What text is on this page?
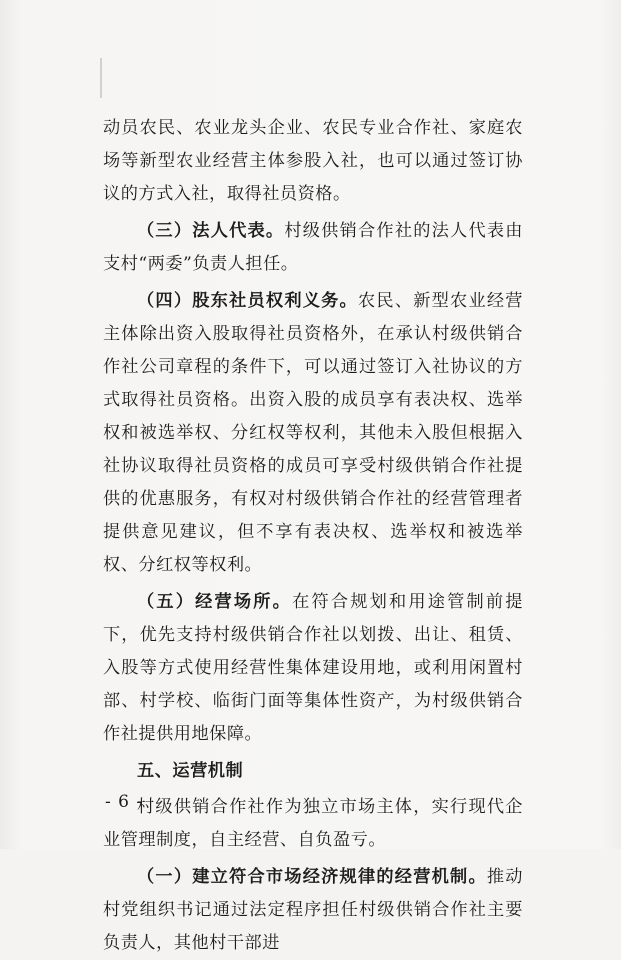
动员农民、农业龙头企业、农民专业合作社、家庭农场等新型农业经营主体参股入社，也可以通过签订协议的方式入社，取得社员资格。

（三）法人代表。村级供销合作社的法人代表由支村“两委”负责人担任。

（四）股东社员权利义务。农民、新型农业经营主体除出资入股取得社员资格外，在承认村级供销合作社公司章程的条件下，可以通过签订入社协议的方式取得社员资格。出资入股的成员享有表决权、选举权和被选举权、分红权等权利，其他未入股但根据入社协议取得社员资格的成员可享受村级供销合作社提供的优惠服务，有权对村级供销合作社的经营管理者提供意见建议，但不享有表决权、选举权和被选举权、分红权等权利。

（五）经营场所。在符合规划和用途管制前提下，优先支持村级供销合作社以划拨、出让、租赁、入股等方式使用经营性集体建设用地，或利用闲置村部、村学校、临街门面等集体性资产，为村级供销合作社提供用地保障。

五、运营机制

村级供销合作社作为独立市场主体，实行现代企业管理制度，自主经营、自负盈亏。

（一）建立符合市场经济规律的经营机制。推动村党组织书记通过法定程序担任村级供销合作社主要负责人，其他村干部进

- 6 -
